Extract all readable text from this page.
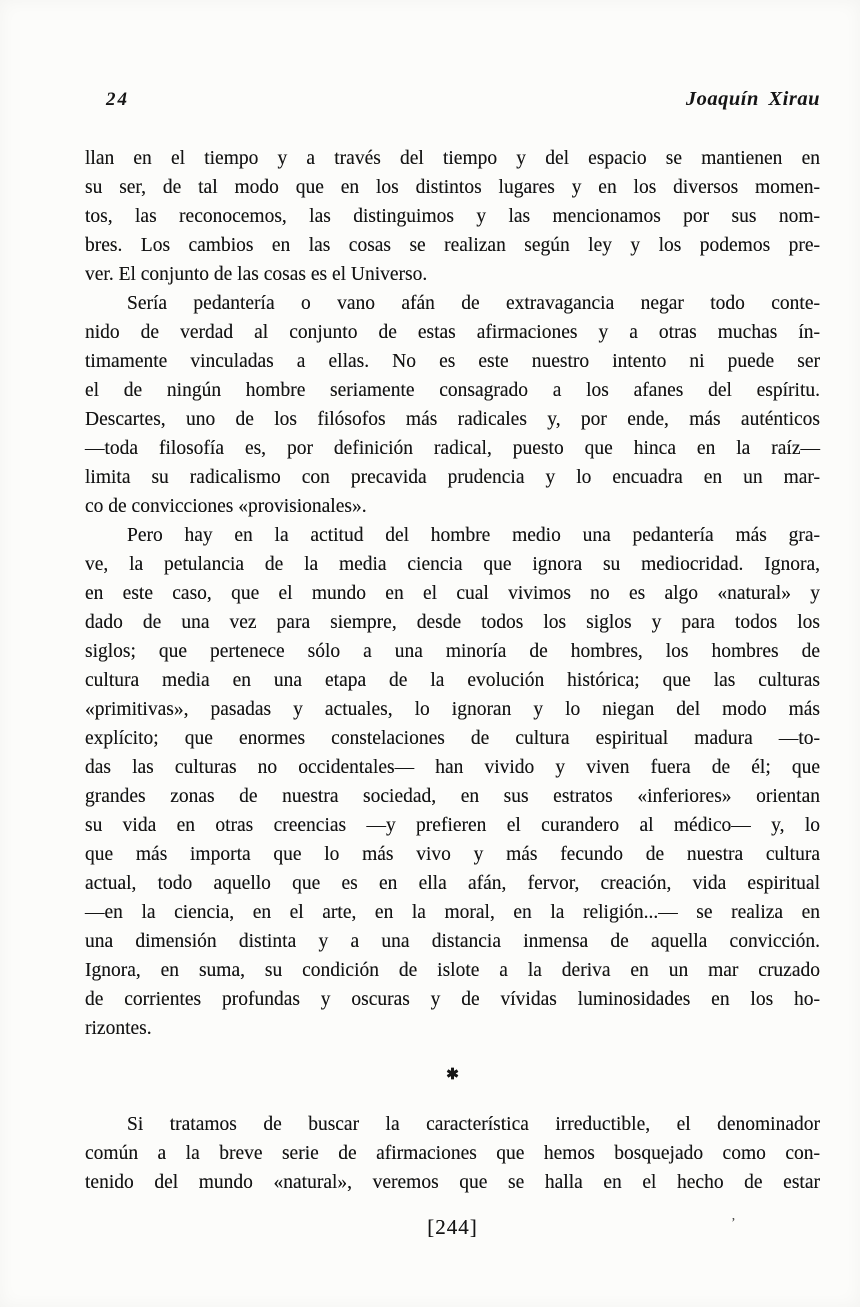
24	Joaquín Xirau
llan en el tiempo y a través del tiempo y del espacio se mantienen en
su ser, de tal modo que en los distintos lugares y en los diversos momen-
tos, las reconocemos, las distinguimos y las mencionamos por sus nom-
bres. Los cambios en las cosas se realizan según ley y los podemos pre-
ver. El conjunto de las cosas es el Universo.
Sería pedantería o vano afán de extravagancia negar todo conte-
nido de verdad al conjunto de estas afirmaciones y a otras muchas ín-
timamente vinculadas a ellas. No es este nuestro intento ni puede ser
el de ningún hombre seriamente consagrado a los afanes del espíritu.
Descartes, uno de los filósofos más radicales y, por ende, más auténticos
—toda filosofía es, por definición radical, puesto que hinca en la raíz—
limita su radicalismo con precavida prudencia y lo encuadra en un mar-
co de convicciones «provisionales».
Pero hay en la actitud del hombre medio una pedantería más gra-
ve, la petulancia de la media ciencia que ignora su mediocridad. Ignora,
en este caso, que el mundo en el cual vivimos no es algo «natural» y
dado de una vez para siempre, desde todos los siglos y para todos los
siglos; que pertenece sólo a una minoría de hombres, los hombres de
cultura media en una etapa de la evolución histórica; que las culturas
«primitivas», pasadas y actuales, lo ignoran y lo niegan del modo más
explícito; que enormes constelaciones de cultura espiritual madura —to-
das las culturas no occidentales— han vivido y viven fuera de él; que
grandes zonas de nuestra sociedad, en sus estratos «inferiores» orientan
su vida en otras creencias —y prefieren el curandero al médico— y, lo
que más importa que lo más vivo y más fecundo de nuestra cultura
actual, todo aquello que es en ella afán, fervor, creación, vida espiritual
—en la ciencia, en el arte, en la moral, en la religión...— se realiza en
una dimensión distinta y a una distancia inmensa de aquella convicción.
Ignora, en suma, su condición de islote a la deriva en un mar cruzado
de corrientes profundas y oscuras y de vívidas luminosidades en los ho-
rizontes.
✱
Si tratamos de buscar la característica irreductible, el denominador
común a la breve serie de afirmaciones que hemos bosquejado como con-
tenido del mundo «natural», veremos que se halla en el hecho de estar
[244]	ʼ
